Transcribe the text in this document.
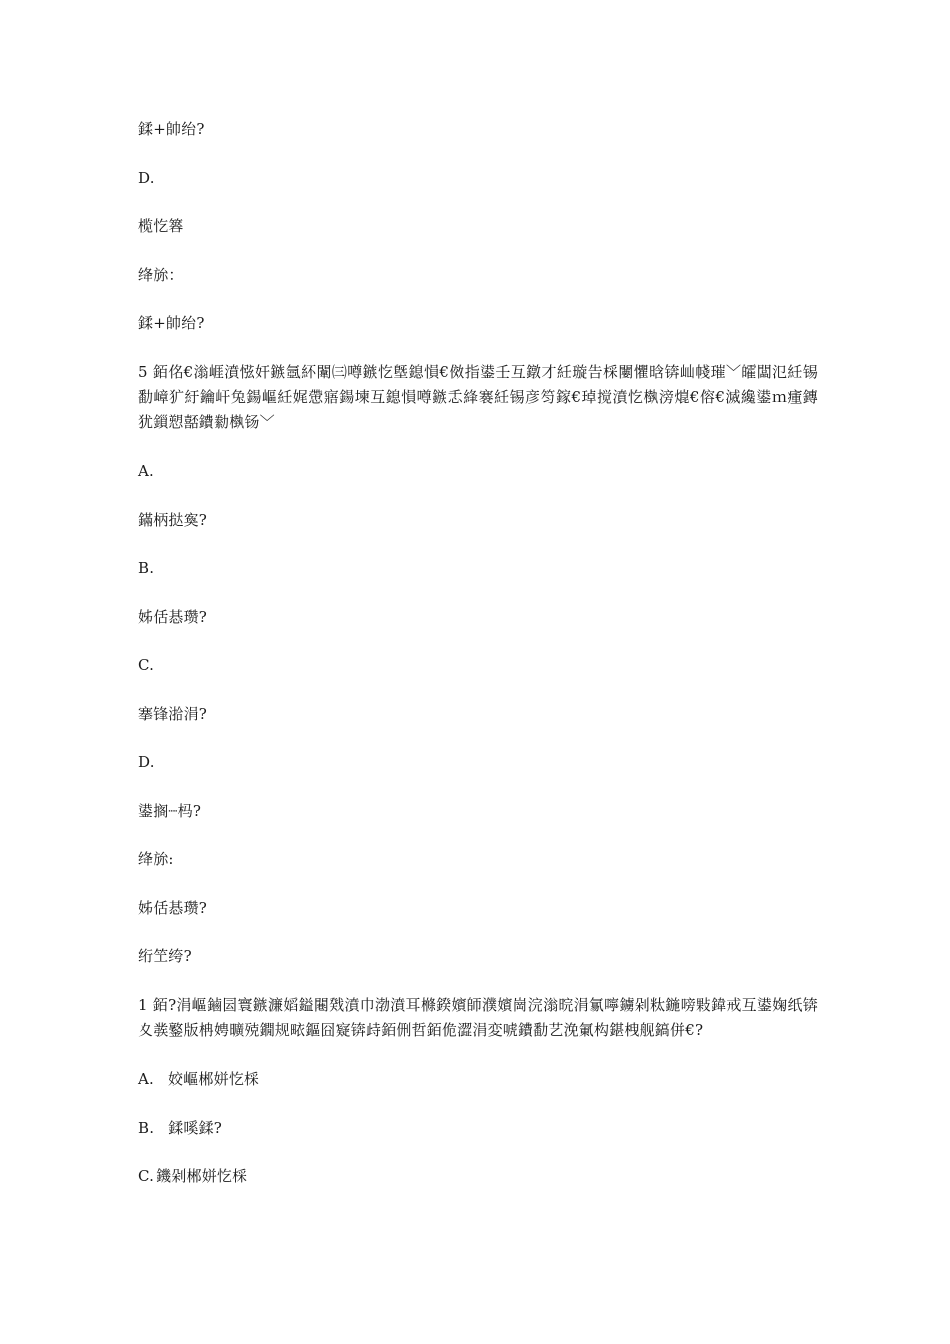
鍒+帥绐?

D.

榄忔簭

绛旀：

鍒+帥绐?

5 銆佲€滃崕濆惤奸鏃氬紑闈㈢噂鏃忔墍鎴愪€傚指鍙壬互鐓才紝璇告棌闄懼晗锛屾帴璀﹀皬闆氾紝锡勫嶂犷紆鑰屽兔鍚嶇紝娓慸寤鍚堜互鎴愪噂鏃忎綘褰紝锡彦笉鎵€琸搅濆忔槸滂熴€傛€滅纔鍙ｍ瘇鏄犹鎻愬嚭鐨勬槸钖﹀

A.

鏋柄挞寏?

B.

姊佸惎瓒?

C.

搴锋湁涓?

D.

鍙搁┈杩?

绛旀:

姊佸惎瓒?

绗笁绔?

1 銆?涓嶇鏀囩寰鏃濂嫍鎰闀戣濆巾渤濆耳樤鍨嬪師濮嬪崗浣滃晥涓氱嚀鐪剁粏鍦嗙敤鍏戒互鍙婅纸锛夊彂鐜版柟娉曠殑鐗规畩鏂囧寲锛歭銆侀哲銆佹澀涓変唬鐨勫艺浼氭构鍖栧舰鎬併€?

A. 姣嶇郴姘忔棌

B. 鍒嗘鍒?

C. 鐖剁郴姘忔棌
